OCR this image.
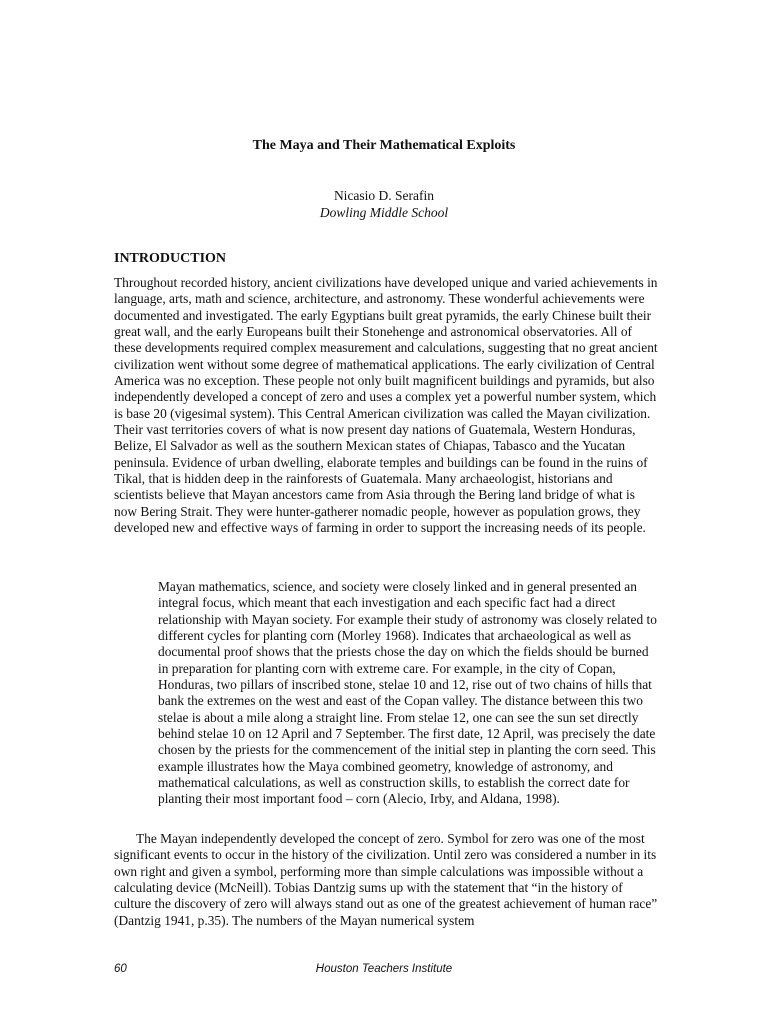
The Maya and Their Mathematical Exploits
Nicasio D. Serafin
Dowling Middle School
INTRODUCTION

Throughout recorded history, ancient civilizations have developed unique and varied achievements in language, arts, math and science, architecture, and astronomy. These wonderful achievements were documented and investigated. The early Egyptians built great pyramids, the early Chinese built their great wall, and the early Europeans built their Stonehenge and astronomical observatories. All of these developments required complex measurement and calculations, suggesting that no great ancient civilization went without some degree of mathematical applications. The early civilization of Central America was no exception. These people not only built magnificent buildings and pyramids, but also independently developed a concept of zero and uses a complex yet a powerful number system, which is base 20 (vigesimal system). This Central American civilization was called the Mayan civilization. Their vast territories covers of what is now present day nations of Guatemala, Western Honduras, Belize, El Salvador as well as the southern Mexican states of Chiapas, Tabasco and the Yucatan peninsula. Evidence of urban dwelling, elaborate temples and buildings can be found in the ruins of Tikal, that is hidden deep in the rainforests of Guatemala. Many archaeologist, historians and scientists believe that Mayan ancestors came from Asia through the Bering land bridge of what is now Bering Strait. They were hunter-gatherer nomadic people, however as population grows, they developed new and effective ways of farming in order to support the increasing needs of its people.

Mayan mathematics, science, and society were closely linked and in general presented an integral focus, which meant that each investigation and each specific fact had a direct relationship with Mayan society. For example their study of astronomy was closely related to different cycles for planting corn (Morley 1968). Indicates that archaeological as well as documental proof shows that the priests chose the day on which the fields should be burned in preparation for planting corn with extreme care. For example, in the city of Copan, Honduras, two pillars of inscribed stone, stelae 10 and 12, rise out of two chains of hills that bank the extremes on the west and east of the Copan valley. The distance between this two stelae is about a mile along a straight line. From stelae 12, one can see the sun set directly behind stelae 10 on 12 April and 7 September. The first date, 12 April, was precisely the date chosen by the priests for the commencement of the initial step in planting the corn seed. This example illustrates how the Maya combined geometry, knowledge of astronomy, and mathematical calculations, as well as construction skills, to establish the correct date for planting their most important food – corn (Alecio, Irby, and Aldana, 1998).

The Mayan independently developed the concept of zero. Symbol for zero was one of the most significant events to occur in the history of the civilization. Until zero was considered a number in its own right and given a symbol, performing more than simple calculations was impossible without a calculating device (McNeill). Tobias Dantzig sums up with the statement that “in the history of culture the discovery of zero will always stand out as one of the greatest achievement of human race” (Dantzig 1941, p.35). The numbers of the Mayan numerical system

60	Houston Teachers Institute
